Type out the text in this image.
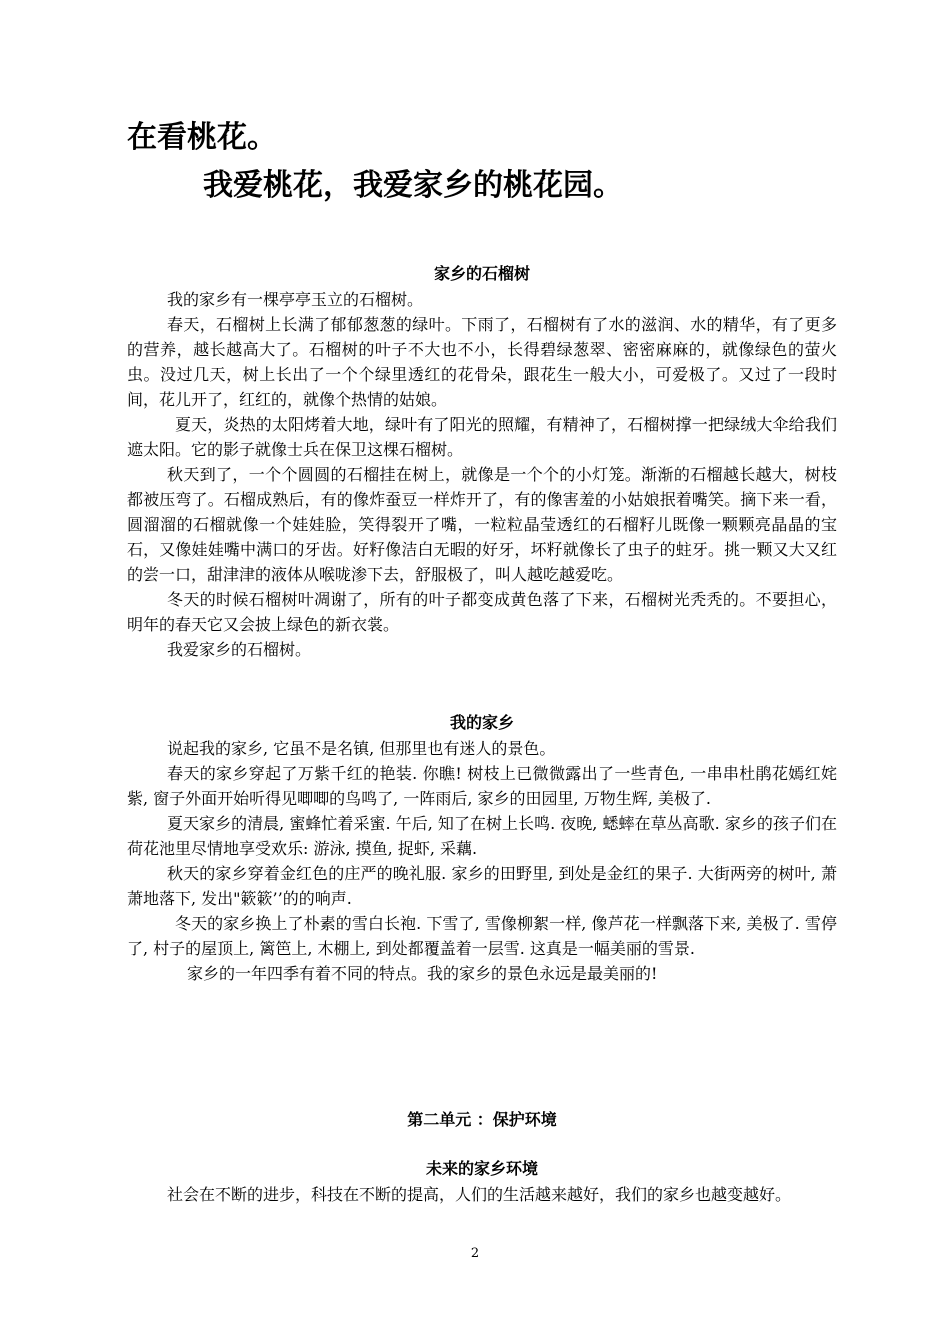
在看桃花。
我爱桃花，我爱家乡的桃花园。
家乡的石榴树

我的家乡有一棵亭亭玉立的石榴树。

春天，石榴树上长满了郁郁葱葱的绿叶。下雨了，石榴树有了水的滋润、水的精华，有了更多的营养，越长越高大了。石榴树的叶子不大也不小，长得碧绿葱翠、密密麻麻的，就像绿色的萤火虫。没过几天，树上长出了一个个绿里透红的花骨朵，跟花生一般大小，可爱极了。又过了一段时间，花儿开了，红红的，就像个热情的姑娘。

夏天，炎热的太阳烤着大地，绿叶有了阳光的照耀，有精神了，石榴树撑一把绿绒大伞给我们遮太阳。它的影子就像士兵在保卫这棵石榴树。

秋天到了，一个个圆圆的石榴挂在树上，就像是一个个的小灯笼。渐渐的石榴越长越大，树枝都被压弯了。石榴成熟后，有的像炸蚕豆一样炸开了，有的像害羞的小姑娘抿着嘴笑。摘下来一看，圆溜溜的石榴就像一个娃娃脸，笑得裂开了嘴，一粒粒晶莹透红的石榴籽儿既像一颗颗亮晶晶的宝石，又像娃娃嘴中满口的牙齿。好籽像洁白无暇的好牙，坏籽就像长了虫子的蛀牙。挑一颗又大又红的尝一口，甜津津的液体从喉咙渗下去，舒服极了，叫人越吃越爱吃。

冬天的时候石榴树叶凋谢了，所有的叶子都变成黄色落了下来，石榴树光秃秃的。不要担心，明年的春天它又会披上绿色的新衣裳。

我爱家乡的石榴树。

我的家乡

说起我的家乡, 它虽不是名镇, 但那里也有迷人的景色。

春天的家乡穿起了万紫千红的艳装. 你瞧! 树枝上已微微露出了一些青色, 一串串杜鹃花嫣红姹紫, 窗子外面开始听得见唧唧的鸟鸣了, 一阵雨后, 家乡的田园里, 万物生辉, 美极了.

夏天家乡的清晨, 蜜蜂忙着采蜜. 午后, 知了在树上长鸣. 夜晚, 蟋蟀在草丛高歌. 家乡的孩子们在荷花池里尽情地享受欢乐: 游泳, 摸鱼, 捉虾, 采藕.

秋天的家乡穿着金红色的庄严的晚礼服. 家乡的田野里, 到处是金红的果子. 大街两旁的树叶, 萧萧地落下, 发出"簌簌’’的的响声.

冬天的家乡换上了朴素的雪白长袍. 下雪了, 雪像柳絮一样, 像芦花一样飘落下来, 美极了. 雪停了, 村子的屋顶上, 篱笆上, 木棚上, 到处都覆盖着一层雪. 这真是一幅美丽的雪景.

家乡的一年四季有着不同的特点。我的家乡的景色永远是最美丽的!

第二单元 ：保护环境
未来的家乡环境

社会在不断的进步，科技在不断的提高，人们的生活越来越好，我们的家乡也越变越好。

2
